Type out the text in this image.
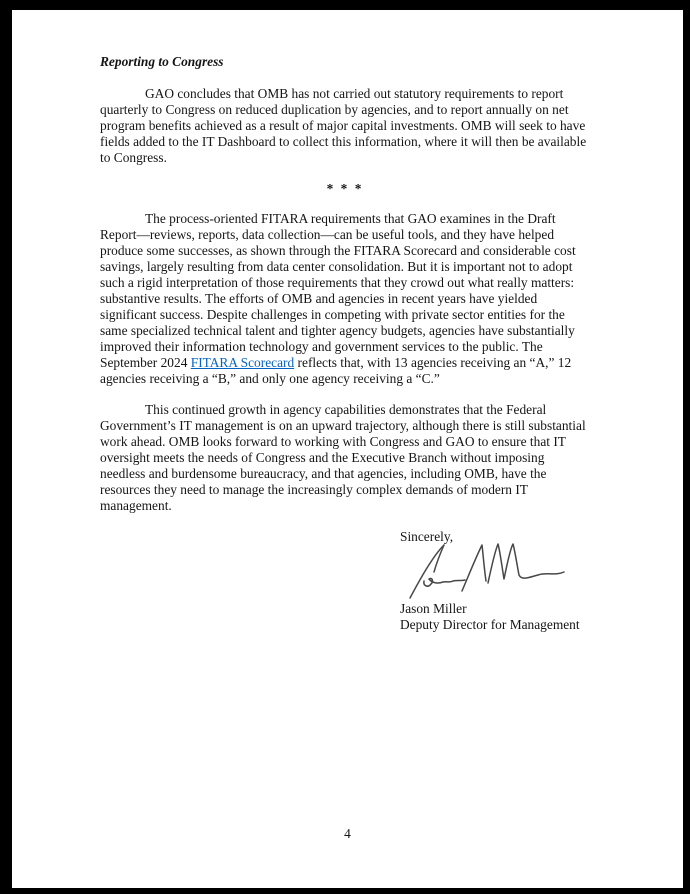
Reporting to Congress

GAO concludes that OMB has not carried out statutory requirements to report quarterly to Congress on reduced duplication by agencies, and to report annually on net program benefits achieved as a result of major capital investments. OMB will seek to have fields added to the IT Dashboard to collect this information, where it will then be available to Congress.

* * *

The process-oriented FITARA requirements that GAO examines in the Draft Report—reviews, reports, data collection—can be useful tools, and they have helped produce some successes, as shown through the FITARA Scorecard and considerable cost savings, largely resulting from data center consolidation. But it is important not to adopt such a rigid interpretation of those requirements that they crowd out what really matters: substantive results. The efforts of OMB and agencies in recent years have yielded significant success. Despite challenges in competing with private sector entities for the same specialized technical talent and tighter agency budgets, agencies have substantially improved their information technology and government services to the public. The September 2024 FITARA Scorecard reflects that, with 13 agencies receiving an “A,” 12 agencies receiving a “B,” and only one agency receiving a “C.”

This continued growth in agency capabilities demonstrates that the Federal Government’s IT management is on an upward trajectory, although there is still substantial work ahead. OMB looks forward to working with Congress and GAO to ensure that IT oversight meets the needs of Congress and the Executive Branch without imposing needless and burdensome bureaucracy, and that agencies, including OMB, have the resources they need to manage the increasingly complex demands of modern IT management.

Sincerely,

Jason Miller

Deputy Director for Management

4
